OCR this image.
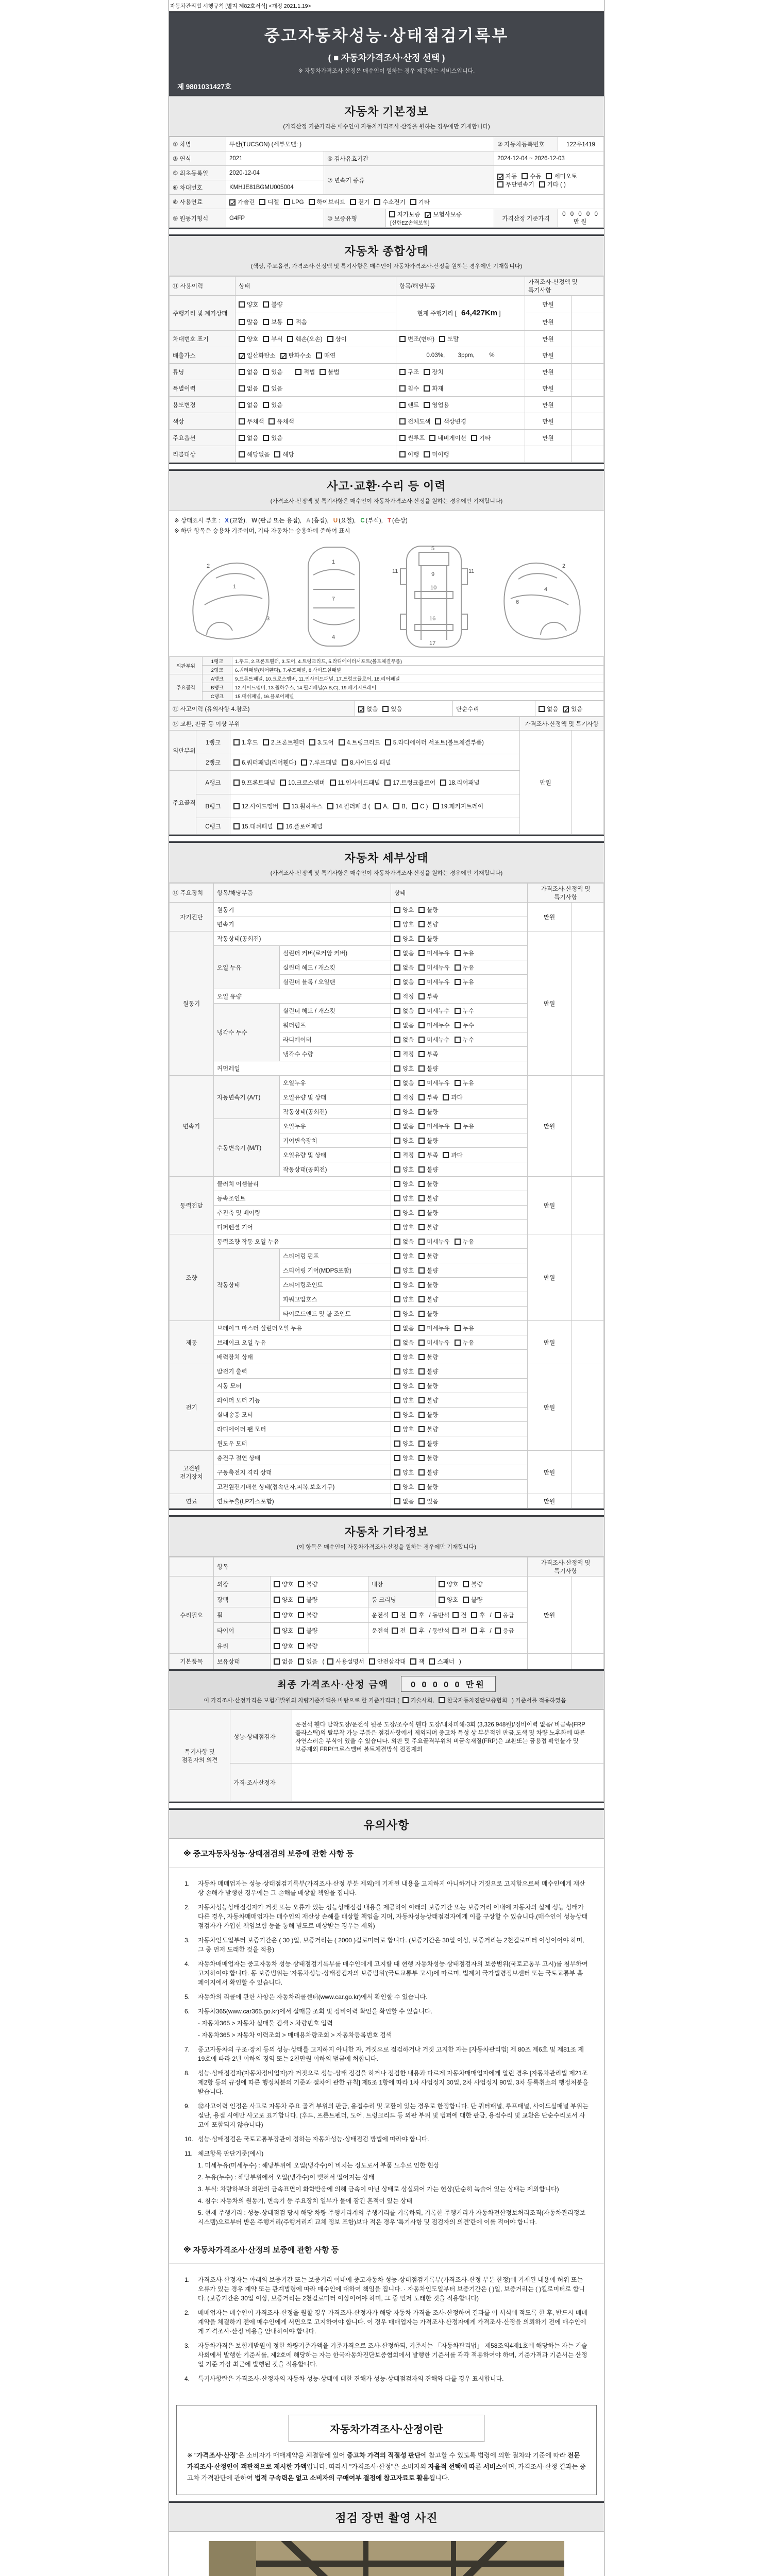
자동차관리법 시행규칙 [별지 제82호서식] <개정 2021.1.19>
중고자동차성능·상태점검기록부
( ■ 자동차가격조사·산정 선택 )
※ 자동차가격조사·산정은 매수인이 원하는 경우 제공하는 서비스입니다.
제 9801031427호
자동차 기본정보
(가격산정 기준가격은 매수인이 자동차가격조사·산정을 원하는 경우에만 기재합니다)
① 차명	투싼(TUCSON) (세부모델: )			② 자동차등록번호	122우1419
③ 연식	2021	④ 검사유효기간		2024-12-04 ~ 2026-12-03	
⑤ 최초등록일	2020-12-04	⑦ 변속기 종류		✓ 자동 수동 세미오토
무단변속기 기타 ( )	
⑥ 차대번호	KMHJE81BGMU005004				
⑧ 사용연료	✓ 가솔린 디젤 LPG 하이브리드 전기 수소전기 기타				
⑨ 원동기형식	G4FP	⑩ 보증유형	자가보증 ✓ 보험사보증[신한EZ손해보험]	가격산정 기준가격	0 0 0 0 0 만원
자동차 종합상태
(색상, 주요옵션, 가격조사·산정액 및 특기사항은 매수인이 자동차가격조사·산정을 원하는 경우에만 기재합니다)
⑪ 사용이력	상태	항목/해당부품	가격조사·산정액 및 특기사항	
주행거리 및 계기상태	양호 불량	현재 주행거리 [ 64,427Km ]	만원	
	많음 보통 적음		만원	
차대번호 표기	양호 부식 훼손(오손) 상이	변조(변타) 도말	만원	
배출가스	✓ 일산화탄소 ✓ 탄화수소 매연	0.03%,        3ppm,         %	만원	
튜닝	없음 있음 적법 불법	구조 장치	만원	
특별이력	없음 있음	침수 화재	만원	
용도변경	없음 있음	렌트 영업용	만원	
색상	무채색 유채색	전체도색 색상변경	만원	
주요옵션	없음 있음	썬루프 네비게이션 기타	만원	
리콜대상	해당없음 해당	이행 미이행		
사고·교환·수리 등 이력
(가격조사·산정액 및 특기사항은 매수인이 자동차가격조사·산정을 원하는 경우에만 기재합니다)
※ 상태표시 부호 : X (교환), W (판금 또는 용접), A (흠집), U (요철), C (부식), T (손상)
※ 하단 항목은 승용차 기준이며, 기타 자동차는 승용차에 준하여 표시
2
1
3
1
7
4
5
9
10
11	11
16
17
2
6
4
외판부위	1랭크	1.후드, 2.프론트휀더, 3.도어, 4.트렁크리드, 5.라디에이터서포트(볼트체결부품)
	2랭크	6.쿼터패널(리어휀다), 7.루프패널, 8.사이드실패널
주요골격	A랭크	9.프론트패널, 10.크로스멤버, 11.인사이드패널, 17.트렁크플로어, 18.리어패널
	B랭크	12.사이드멤버, 13.휠하우스, 14.필러패널(A,B,C), 19.패키지트레이
	C랭크	15.대쉬패널, 16.플로어패널
⑫ 사고이력 (유의사항 4.참조)	✓ 없음 있음	단순수리	없음 ✓ 있음
⑬ 교환, 판금 등 이상 부위			가격조사·산정액 및 특기사항	
외판부위	1랭크	1.후드 2.프론트휀더 3.도어 4.트렁크리드 5.라디에이터 서포트(볼트체결부품)	만원	
	2랭크	6.쿼터패널(리어휀다) 7.루프패널 8.사이드실 패널		
주요골격	A랭크	9.프론트패널 10.크로스멤버 11.인사이드패널 17.트렁크플로어 18.리어패널		
	B랭크	12.사이드멤버 13.휠하우스 14.필러패널 ( A, B, C ) 19.패키지트레이		
	C랭크	15.대쉬패널 16.플로어패널		
자동차 세부상태
(가격조사·산정액 및 특기사항은 매수인이 자동차가격조사·산정을 원하는 경우에만 기재합니다)
⑭ 주요장치	항목/해당부품		상태	가격조사·산정액 및 특기사항	
자기진단	원동기		양호 불량	만원	
	변속기		양호 불량		
원동기	작동상태(공회전)		양호 불량	만원	
	오일 누유	실린더 커버(로커암 커버)	없음 미세누유 누유		
		실린더 헤드 / 개스킷	없음 미세누유 누유		
		실린더 블록 / 오일팬	없음 미세누유 누유		
	오일 유량		적정 부족		
	냉각수 누수	실린더 헤드 / 개스킷	없음 미세누수 누수		
		워터펌프	없음 미세누수 누수		
		라디에이터	없음 미세누수 누수		
		냉각수 수량	적정 부족		
	커먼레일		양호 불량		
변속기	자동변속기 (A/T)	오일누유	없음 미세누유 누유	만원	
		오일유량 및 상태	적정 부족 과다		
		작동상태(공회전)	양호 불량		
	수동변속기 (M/T)	오일누유	없음 미세누유 누유		
		기어변속장치	양호 불량		
		오일유량 및 상태	적정 부족 과다		
		작동상태(공회전)	양호 불량		
동력전달	클러치 어셈블리		양호 불량	만원	
	등속조인트		양호 불량		
	추진축 및 베어링		양호 불량		
	디퍼렌셜 기어		양호 불량		
조향	동력조향 작동 오일 누유		없음 미세누유 누유	만원	
	작동상태	스티어링 펌프	양호 불량		
		스티어링 기어(MDPS포함)	양호 불량		
		스티어링조인트	양호 불량		
		파워고압호스	양호 불량		
		타이로드엔드 및 볼 조인트	양호 불량		
제동	브레이크 마스터 실린더오일 누유		없음 미세누유 누유	만원	
	브레이크 오일 누유		없음 미세누유 누유		
	배력장치 상태		양호 불량		
전기	발전기 출력		양호 불량	만원	
	시동 모터		양호 불량		
	와이퍼 모터 기능		양호 불량		
	실내송풍 모터		양호 불량		
	라디에이터 팬 모터		양호 불량		
	윈도우 모터		양호 불량		
고전원 전기장치	충전구 절연 상태		양호 불량	만원	
	구동축전지 격리 상태		양호 불량		
	고전원전기배선 상태(접속단자,피복,보호기구)		양호 불량		
연료	연료누출(LP가스포함)		없음 있음	만원	
자동차 기타정보
(이 항목은 매수인이 자동차가격조사·산정을 원하는 경우에만 기재합니다)
	항목				가격조사·산정액 및 특기사항	
수리필요	외장	양호 불량	내장	양호 불량	만원	
	광택	양호 불량	룸 크리닝	양호 불량		
	휠	양호 불량	운전석 전 후 / 동반석 전 후 / 응급			
	타이어	양호 불량	운전석 전 후 / 동반석 전 후 / 응급			
	유리	양호 불량				
기본품목	보유상태	없음 있음 ( 사용설명서 안전삼각대 잭 스패너 )				
최종 가격조사·산정 금액	0 0 0 0 0 만원
이 가격조사·산정가격은 보험개발원의 차량기준가액을 바탕으로 한 기준가격과 ( 기술사회, 한국자동차진단보증협회 ) 기준서를 적용하였음
특기사항 및 점검자의 의견	성능·상태점검자	운전석 휀다 탈착도장/운전석 뒷문 도장/조수석 휀다 도장/내차피해-3회 (3,326,948원)/정비이력 없음/ 비금속(FRP 플라스틱)의 탈부착 가능 부품은 점검사항에서 제외되며 중고차 특성 상 부분적인 판금,도색 및 차량 노후화에 따른 자연스러운 부식이 있을 수 있습니다. 외판 및 주요골격부위의 비금속재질(FRP)은 교환또는 금용접 확인불가 및 보증제외 FRP/크로스멤버 볼트체결방식 점검제외
	가격·조사산정자	
유의사항
※ 중고자동차성능·상태점검의 보증에 관한 사항 등
1.	자동차 매매업자는 성능·상태점검기록부(가격조사·산정 부분 제외)에 기재된 내용을 고지하지 아니하거나 거짓으로 고지함으로써 매수인에게 재산상 손해가 발생한 경우에는 그 손해를 배상할 책임을 집니다.
2.	자동차성능상태점검자가 거짓 또는 오류가 있는 성능상태점검 내용을 제공하여 아래의 보증기간 또는 보증거리 이내에 자동차의 실제 성능 상태가 다른 경우, 자동차매매업자는 매수인의 재산상 손해를 배상할 책임을 지며, 자동차성능상태점검자에게 이를 구상할 수 있습니다.(매수인이 성능상태점검자가 가입한 책임보험 등을 통해 별도로 배상받는 경우는 제외)
3.	자동차인도일부터 보증기간은 ( 30 )일, 보증거리는 ( 2000 )킬로미터로 합니다. (보증기간은 30일 이상, 보증거리는 2천킬로미터 이상이어야 하며, 그 중 먼저 도래한 것을 적용)
4.	자동차매매업자는 중고자동차 성능·상태점검기록부를 매수인에게 고지할 때 현행 자동차성능·상태점검자의 보증범위(국토교통부 고시)를 첨부하여 고지하여야 합니다. 동 보증범위는 '자동차성능·상태점검자의 보증범위'(국토교통부 고시)에 따르며, 법제처 국가법령정보센터 또는 국토교통부 홈페이지에서 확인할 수 있습니다.
5.	자동차의 리콜에 관한 사항은 자동차리콜센터(www.car.go.kr)에서 확인할 수 있습니다.
6.	자동차365(www.car365.go.kr)에서 실매물 조회 및 정비이력 확인을 확인할 수 있습니다.
- 자동차365 > 자동차 실매물 검색 > 차량번호 입력
- 자동차365 > 자동차 이력조회 > 매매용차량조회 > 자동차등록번호 검색
7.	중고자동차의 구조·장치 등의 성능·상태를 고지하지 아니한 자, 거짓으로 점검하거나 거짓 고지한 자는 [자동차관리법] 제 80조 제6호 및 제81조 제19호에 따라 2년 이하의 징역 또는 2천만원 이하의 벌금에 처합니다.
8.	성능·상태점검자(자동차정비업자)가 거짓으로 성능·상태 점검을 하거나 점검한 내용과 다르게 자동차매매업자에게 알린 경우 [자동차관리법 제21조 제2항 등의 규정에 따른 행정처분의 기준과 절차에 관한 규칙] 제5조 1항에 따라 1차 사업정지 30일, 2차 사업정지 90일, 3차 등록취소의 행정처분을 받습니다.
9.	⑫사고이력 인정은 사고로 자동차 주요 골격 부위의 판금, 용접수리 및 교환이 있는 경우로 한정합니다. 단 쿼터패널, 루프패널, 사이드실패널 부위는 절단, 용접 시에만 사고로 표기합니다. (후드, 프론트펜더, 도어, 트렁크리드 등 외판 부위 및 범퍼에 대한 판금, 용접수리 및 교환은 단순수리로서 사고에 포함되지 않습니다)
10. 성능·상태점검은 국토교통부장관이 정하는 자동차성능·상태점검 방법에 따라야 합니다.
11. 체크항목 판단기준(예시)
1. 미세누유(미세누수) : 해당부위에 오일(냉각수)이 비치는 정도로서 부품 노후로 인한 현상
2. 누유(누수) : 해당부위에서 오일(냉각수)이 맺혀서 떨어지는 상태
3. 부식: 차량하부와 외판의 금속표면이 화학반응에 의해 금속이 아닌 상태로 상실되어 가는 현상(단순히 녹슬어 있는 상태는 제외합니다)
4. 침수: 자동차의 원동기, 변속기 등 주요장치 일부가 물에 잠긴 흔적이 있는 상태
5. 현재 주행거리 : 성능·상태점검 당시 해당 차량 주행거리계의 주행거리를 기록하되, 기록한 주행거리가 자동차전산정보처리조직(자동차관리정보시스템)으로부터 받은 주행거리(주행거리계 교체 정보 포함)보다 적은 경우 '특기사항 및 점검자의 의견'란에 이를 적어야 합니다.
※ 자동차가격조사·산정의 보증에 관한 사항 등
1.	가격조사·산정자는 아래의 보증기간 또는 보증거리 이내에 중고자동차 성능·상태점검기록부(가격조사·산정 부분 한정)에 기재된 내용에 허위 또는 오류가 있는 경우 계약 또는 관계법령에 따라 매수인에 대하여 책임을 집니다. · 자동차인도일부터 보증기간은 ( )일, 보증거리는 ( )킬로미터로 합니다. (보증기간은 30일 이상, 보증거리는 2천킬로미터 이상이어야 하며, 그 중 먼저 도래한 것을 적용합니다)
2.	매매업자는 매수인이 가격조사·산정을 원할 경우 가격조사·산정자가 해당 자동차 가격을 조사·산정하여 결과를 이 서식에 적도록 한 후, 반드시 매매계약을 체결하기 전에 매수인에게 서면으로 고지하여야 합니다. 이 경우 매매업자는 가격조사·산정자에게 가격조사·산정을 의뢰하기 전에 매수인에게 가격조사·산정 비용을 안내하여야 합니다.
3.	자동차가격은 보험개발원이 정한 차량기준가액을 기준가격으로 조사·산정하되, 기준서는 「자동차관리법」 제58조의4제1호에 해당하는 자는 기술사회에서 발행한 기준서를, 제2호에 해당하는 자는 한국자동차진단보증협회에서 발행한 기준서를 각각 적용하여야 하며, 기준가격과 기준서는 산정일 기준 가장 최근에 발행된 것을 적용합니다.
4.	특기사항란은 가격조사·산정자의 자동차 성능·상태에 대한 견해가 성능·상태점검자의 견해와 다를 경우 표시합니다.
자동차가격조사·산정이란
※ "가격조사·산정"은 소비자가 매매계약을 체결함에 있어 중고차 가격의 적절성 판단에 참고할 수 있도록 법령에 의한 절차와 기준에 따라 전문 가격조사·산정인이 객관적으로 제시한 가액입니다. 따라서 "가격조사·산정"은 소비자의 자율적 선택에 따른 서비스이며, 가격조사·산정 결과는 중고차 가격판단에 관하여 법적 구속력은 없고 소비자의 구매여부 결정에 참고자료로 활용됩니다.
점검 장면 촬영 사진
